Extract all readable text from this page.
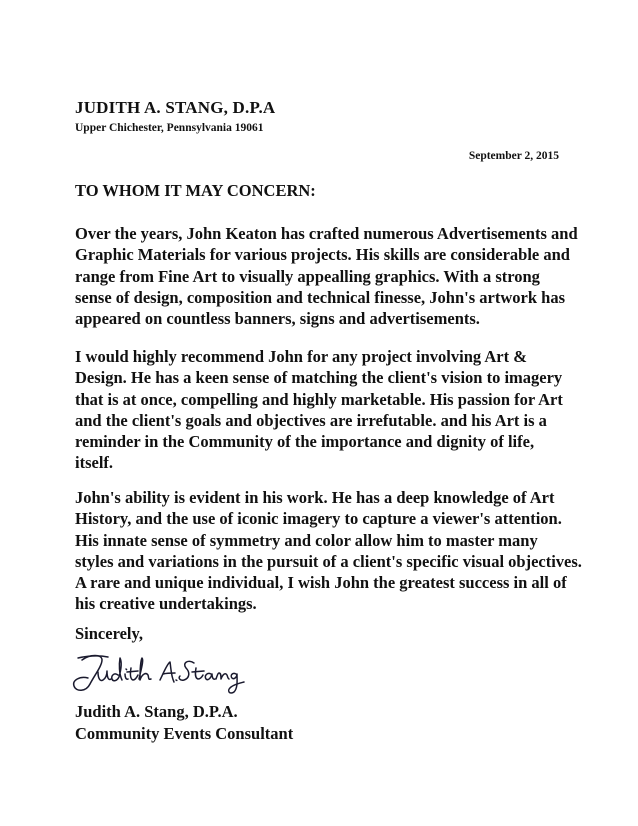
JUDITH A. STANG, D.P.A
Upper Chichester, Pennsylvania 19061
September 2, 2015
TO WHOM IT MAY CONCERN:

Over the years, John Keaton has crafted numerous Advertisements and
Graphic Materials for various projects. His skills are considerable and
range from Fine Art to visually appealling graphics. With a strong
sense of design, composition and technical finesse, John's artwork has
appeared on countless banners, signs and advertisements.

I would highly recommend John for any project involving Art &
Design. He has a keen sense of matching the client's vision to imagery
that is at once, compelling and highly marketable. His passion for Art
and the client's goals and objectives are irrefutable. and his Art is a
reminder in the Community of the importance and dignity of life,
itself.

John's ability is evident in his work. He has a deep knowledge of Art
History, and the use of iconic imagery to capture a viewer's attention.
His innate sense of symmetry and color allow him to master many
styles and variations in the pursuit of a client's specific visual objectives.
A rare and unique individual, I wish John the greatest success in all of
his creative undertakings.

Sincerely,
Judith A. Stang, D.P.A.
Community Events Consultant
